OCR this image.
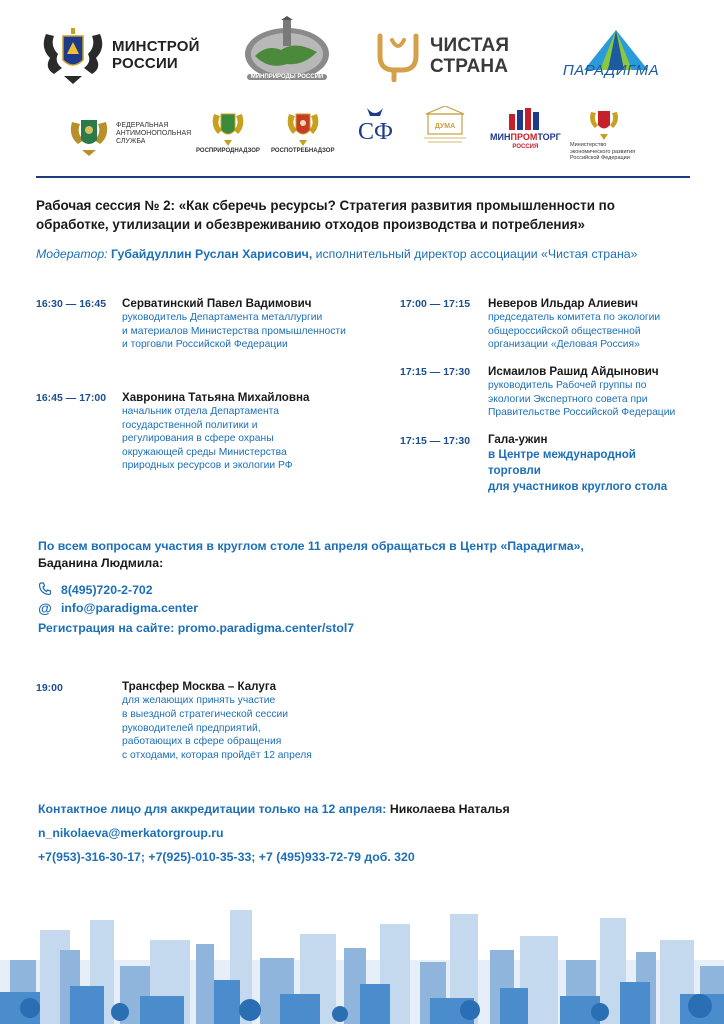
МИНСТРОЙ
РОССИИ
МИНПРИРОДЫ РОССИИ
ЧИСТАЯ
СТРАНА	ПАРАДИГМА
ФЕДЕРАЛЬНАЯ
АНТИМОНОПОЛЬНАЯ
СЛУЖБА
РОСПРИРОДНАДЗОР РОСПОТРЕБНАДЗОР
СФ	ДУМА
МИНПРОМТОРГ
РОССИЯ	Министерство
экономического развития
Российской Федерации
Рабочая сессия № 2: «Как сберечь ресурсы? Стратегия развития промышленности по обработке, утилизации и обезвреживанию отходов производства и потребления»
Модератор: Губайдуллин Руслан Харисович, исполнительный директор ассоциации «Чистая страна»
16:30 — 16:45 Серватинский Павел Вадимович
руководитель Департамента металлургии
и материалов Министерства промышленности
и торговли Российской Федерации
16:45 — 17:00 Хавронина Татьяна Михайловна
начальник отдела Департамента
государственной политики и
регулирования в сфере охраны
окружающей среды Министерства
природных ресурсов и экологии РФ
17:00 — 17:15 Неверов Ильдар Алиевич
председатель комитета по экологии
общероссийской общественной
организации «Деловая Россия»
17:15 — 17:30 Исмаилов Рашид Айдынович
руководитель Рабочей группы по
экологии Экспертного совета при
Правительстве Российской Федерации
17:15 — 17:30 Гала-ужин
в Центре международной
торговли
для участников круглого стола
По всем вопросам участия в круглом столе 11 апреля обращаться в Центр «Парадигма»,
Баданина Людмила:
8(495)720-2-702
@ info@paradigma.center
Регистрация на сайте: promo.paradigma.center/stol7
19:00	Трансфер Москва – Калуга
для желающих принять участие
в выездной стратегической сессии
руководителей предприятий,
работающих в сфере обращения
с отходами, которая пройдёт 12 апреля
Контактное лицо для аккредитации только на 12 апреля: Николаева Наталья
n_nikolaeva@merkatorgroup.ru
+7(953)-316-30-17; +7(925)-010-35-33; +7 (495)933-72-79 доб. 320
